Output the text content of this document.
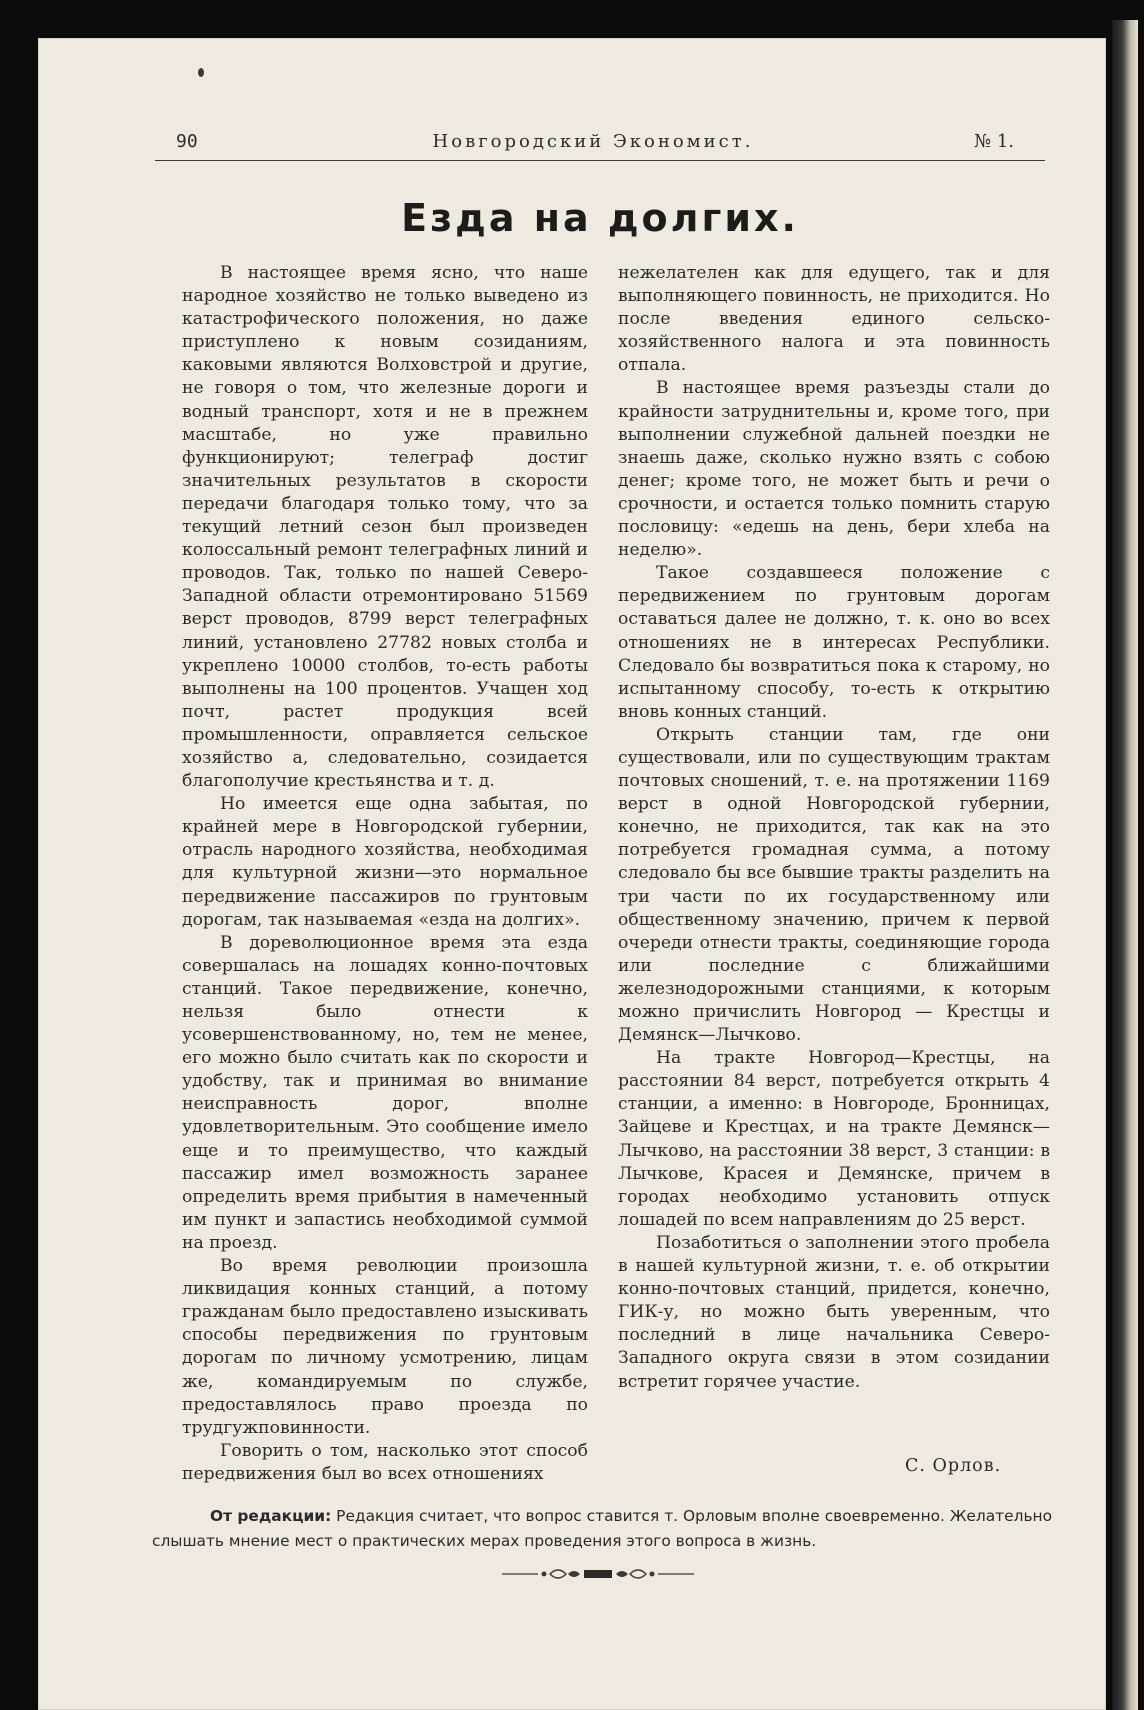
90	Новгородский Экономист.	№ 1.
Езда на долгих.

В настоящее время ясно, что наше народное хозяйство не только выведено из катастрофического положения, но даже приступлено к новым созиданиям, каковыми являются Волховстрой и другие, не говоря о том, что железные дороги и водный транспорт, хотя и не в прежнем масштабе, но уже правильно функционируют; телеграф достиг значительных результатов в скорости передачи благодаря только тому, что за текущий летний сезон был произведен колоссальный ремонт телеграфных линий и проводов. Так, только по нашей Северо-Западной области отремонтировано 51569 верст проводов, 8799 верст телеграфных линий, установлено 27782 новых столба и укреплено 10000 столбов, то-есть работы выполнены на 100 процентов. Учащен ход почт, растет продукция всей промышленности, оправляется сельское хозяйство а, следовательно, созидается благополучие крестьянства и т. д.

Но имеется еще одна забытая, по крайней мере в Новгородской губернии, отрасль народного хозяйства, необходимая для культурной жизни—это нормальное передвижение пассажиров по грунтовым дорогам, так называемая «езда на долгих».

В дореволюционное время эта езда совершалась на лошадях конно-почтовых станций. Такое передвижение, конечно, нельзя было отнести к усовершенствованному, но, тем не менее, его можно было считать как по скорости и удобству, так и принимая во внимание неисправность дорог, вполне удовлетворительным. Это сообщение имело еще и то преимущество, что каждый пассажир имел возможность заранее определить время прибытия в намеченный им пункт и запастись необходимой суммой на проезд.

Во время революции произошла ликвидация конных станций, а потому гражданам было предоставлено изыскивать способы передвижения по грунтовым дорогам по личному усмотрению, лицам же, командируемым по службе, предоставлялось право проезда по трудгужповинности.

Говорить о том, насколько этот способ передвижения был во всех отношениях

нежелателен как для едущего, так и для выполняющего повинность, не приходится. Но после введения единого сельско-хозяйственного налога и эта повинность отпала.

В настоящее время разъезды стали до крайности затруднительны и, кроме того, при выполнении служебной дальней поездки не знаешь даже, сколько нужно взять с собою денег; кроме того, не может быть и речи о срочности, и остается только помнить старую пословицу: «едешь на день, бери хлеба на неделю».

Такое создавшееся положение с передвижением по грунтовым дорогам оставаться далее не должно, т. к. оно во всех отношениях не в интересах Республики. Следовало бы возвратиться пока к старому, но испытанному способу, то-есть к открытию вновь конных станций.

Открыть станции там, где они существовали, или по существующим трактам почтовых сношений, т. е. на протяжении 1169 верст в одной Новгородской губернии, конечно, не приходится, так как на это потребуется громадная сумма, а потому следовало бы все бывшие тракты разделить на три части по их государственному или общественному значению, причем к первой очереди отнести тракты, соединяющие города или последние с ближайшими железнодорожными станциями, к которым можно причислить Новгород — Крестцы и Демянск—Лычково.

На тракте Новгород—Крестцы, на расстоянии 84 верст, потребуется открыть 4 станции, а именно: в Новгороде, Бронницах, Зайцеве и Крестцах, и на тракте Демянск— Лычково, на расстоянии 38 верст, 3 станции: в Лычкове, Красея и Демянске, причем в городах необходимо установить отпуск лошадей по всем направлениям до 25 верст.

Позаботиться о заполнении этого пробела в нашей культурной жизни, т. е. об открытии конно-почтовых станций, придется, конечно, ГИК-у, но можно быть уверенным, что последний в лице начальника Северо-Западного округа связи в этом созидании встретит горячее участие.

С. Орлов.
От редакции: Редакция считает, что вопрос ставится т. Орловым вполне своевременно. Желательно слышать мнение мест о практических мерах проведения этого вопроса в жизнь.
